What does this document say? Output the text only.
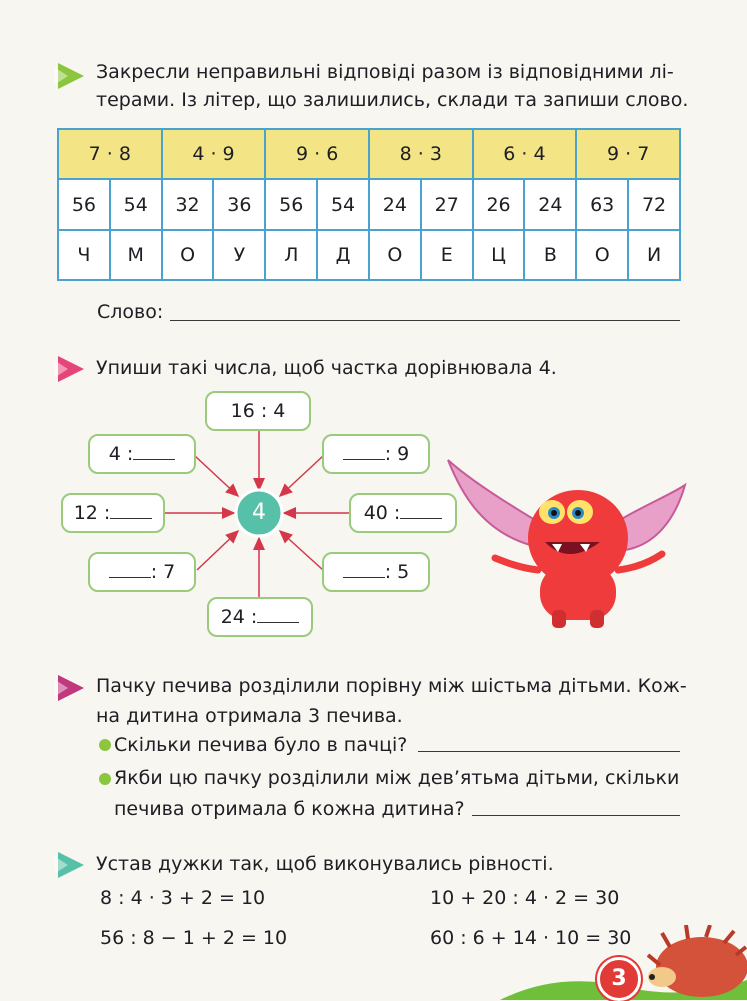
Закресли неправильні відповіді разом із відповідними лі-
терами. Із літер, що залишились, склади та запиши слово.
7 · 8		4 · 9		9 · 6		8 · 3		6 · 4		9 · 7	
56	54	32	36	56	54	24	27	26	24	63	72
Ч	М	О	У	Л	Д	О	Е	Ц	В	О	И
Слово:
Упиши такі числа, щоб частка дорівнювала 4.
4
16 : 4
4 :	: 9
12 :	40 :
: 7	: 5
24 :
Пачку печива розділили порівну між шістьма дітьми. Кож-
на дитина отримала 3 печива.
Скільки печива було в пачці?
Якби цю пачку розділили між дев’ятьма дітьми, скільки
печива отримала б кожна дитина?
Устав дужки так, щоб виконувались рівності.
8 : 4 · 3 + 2 = 10	10 + 20 : 4 · 2 = 30
56 : 8 − 1 + 2 = 10	60 : 6 + 14 · 10 = 30
3
